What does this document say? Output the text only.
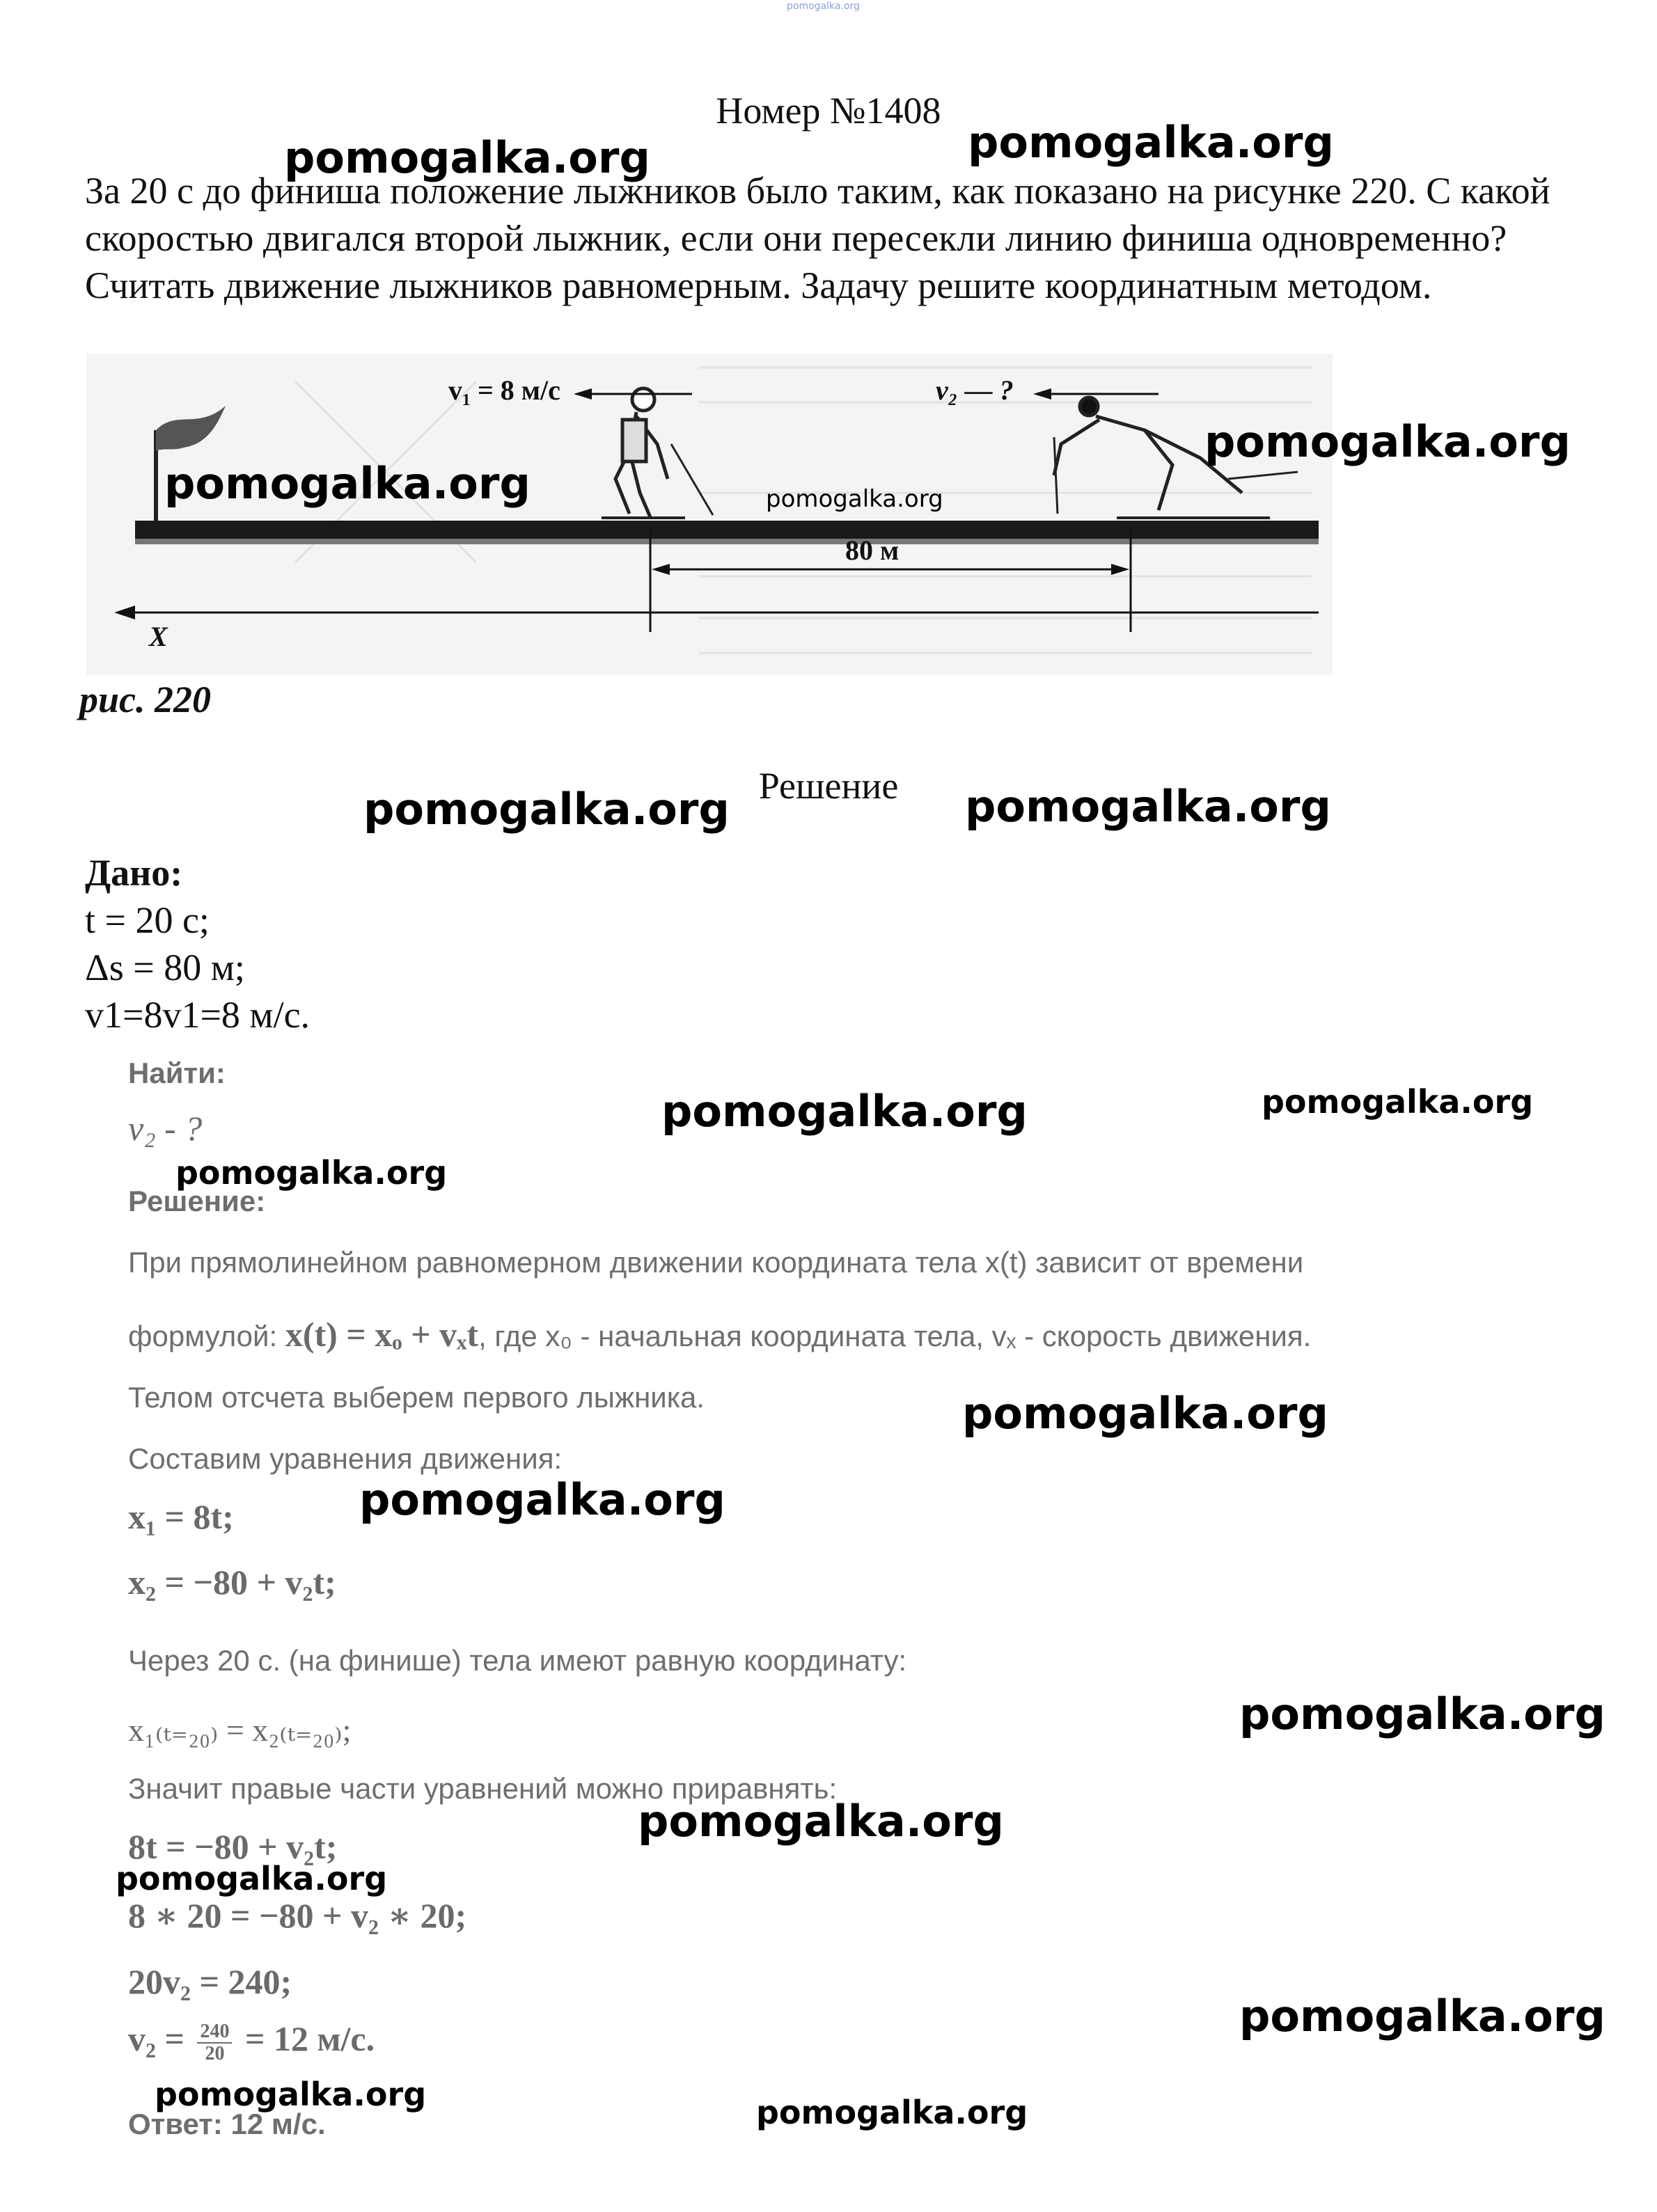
pomogalka.org
Номер №1408
За 20 с до финиша положение лыжников было таким, как показано на рисунке 220. С какой скоростью двигался второй лыжник, если они пересекли линию финиша одновременно? Считать движение лыжников равномерным. Задачу решите координатным методом.
v₁ = 8 м/с	v₂ — ?
80 м
X
рис. 220
Решение
Дано:
t = 20 с;
Δs = 80 м;
v1=8v1=8 м/с.
Найти:
v₂ - ?
Решение:
При прямолинейном равномерном движении координата тела x(t) зависит от времени
формулой: x(t) = xₒ + vₓt, где x₀ - начальная координата тела, vₓ - скорость движения.
Телом отсчета выберем первого лыжника.
Составим уравнения движения:
x₁ = 8t;
x₂ = −80 + v₂t;
Через 20 с. (на финише) тела имеют равную координату:
x₁₍ₜ₌₂₀₎ = x₂₍ₜ₌₂₀₎;
Значит правые части уравнений можно приравнять:
8t = −80 + v₂t;
8 ∗ 20 = −80 + v₂ ∗ 20;
20v₂ = 240;
$v_2 = \frac{240}{20} = 12$ м/с.
Ответ: 12 м/с.
pomogalka.org	pomogalka.org
pomogalka.org
pomogalka.org
pomogalka.org
pomogalka.org	pomogalka.org
pomogalka.org	pomogalka.org
pomogalka.org
pomogalka.org
pomogalka.org
pomogalka.org
pomogalka.org
pomogalka.org
pomogalka.org
pomogalka.org	pomogalka.org
